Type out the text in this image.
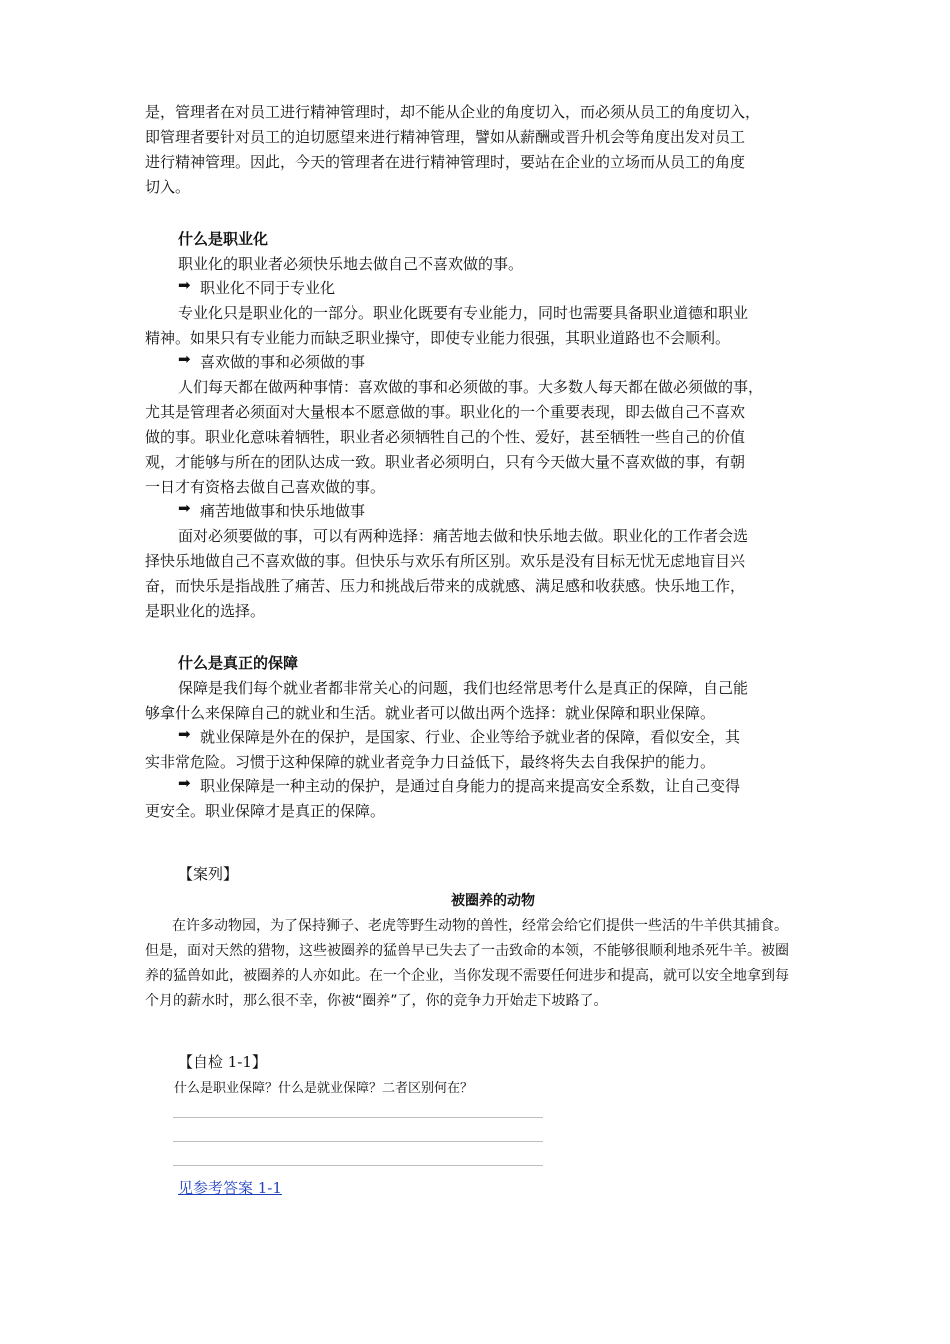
是，管理者在对员工进行精神管理时，却不能从企业的角度切入，而必须从员工的角度切入，
即管理者要针对员工的迫切愿望来进行精神管理，譬如从薪酬或晋升机会等角度出发对员工
进行精神管理。因此，今天的管理者在进行精神管理时，要站在企业的立场而从员工的角度
切入。
什么是职业化
职业化的职业者必须快乐地去做自己不喜欢做的事。
➡ 职业化不同于专业化
专业化只是职业化的一部分。职业化既要有专业能力，同时也需要具备职业道德和职业
精神。如果只有专业能力而缺乏职业操守，即使专业能力很强，其职业道路也不会顺利。
➡ 喜欢做的事和必须做的事
人们每天都在做两种事情：喜欢做的事和必须做的事。大多数人每天都在做必须做的事，
尤其是管理者必须面对大量根本不愿意做的事。职业化的一个重要表现，即去做自己不喜欢
做的事。职业化意味着牺牲，职业者必须牺牲自己的个性、爱好，甚至牺牲一些自己的价值
观，才能够与所在的团队达成一致。职业者必须明白，只有今天做大量不喜欢做的事，有朝
一日才有资格去做自己喜欢做的事。
➡ 痛苦地做事和快乐地做事
面对必须要做的事，可以有两种选择：痛苦地去做和快乐地去做。职业化的工作者会选
择快乐地做自己不喜欢做的事。但快乐与欢乐有所区别。欢乐是没有目标无忧无虑地盲目兴
奋，而快乐是指战胜了痛苦、压力和挑战后带来的成就感、满足感和收获感。快乐地工作，
是职业化的选择。
什么是真正的保障
保障是我们每个就业者都非常关心的问题，我们也经常思考什么是真正的保障，自己能
够拿什么来保障自己的就业和生活。就业者可以做出两个选择：就业保障和职业保障。
➡ 就业保障是外在的保护，是国家、行业、企业等给予就业者的保障，看似安全，其
实非常危险。习惯于这种保障的就业者竞争力日益低下，最终将失去自我保护的能力。
➡ 职业保障是一种主动的保护，是通过自身能力的提高来提高安全系数，让自己变得
更安全。职业保障才是真正的保障。
【案列】
被圈养的动物
在许多动物园，为了保持狮子、老虎等野生动物的兽性，经常会给它们提供一些活的牛羊供其捕食。
但是，面对天然的猎物，这些被圈养的猛兽早已失去了一击致命的本领，不能够很顺利地杀死牛羊。被圈
养的猛兽如此，被圈养的人亦如此。在一个企业，当你发现不需要任何进步和提高，就可以安全地拿到每
个月的薪水时，那么很不幸，你被“圈养”了，你的竞争力开始走下坡路了。
【自检 1-1】
什么是职业保障？什么是就业保障？二者区别何在？
见参考答案 1-1
